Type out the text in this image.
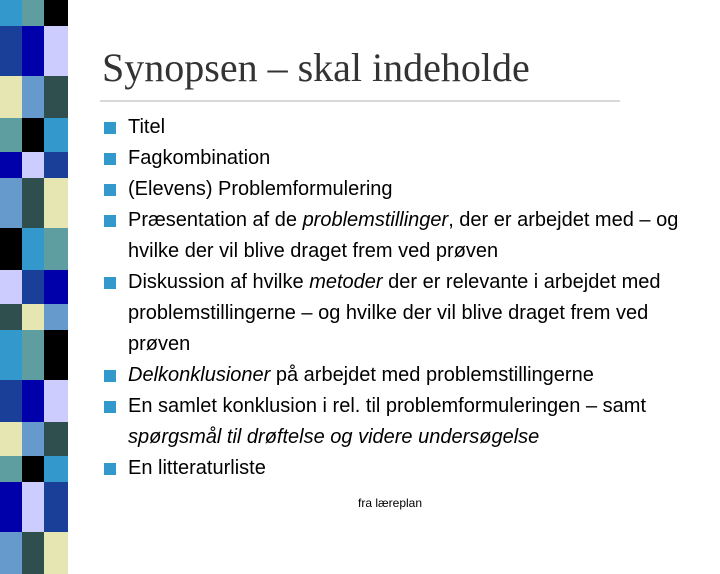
Synopsen – skal indeholde
Titel
Fagkombination
(Elevens) Problemformulering
Præsentation af de problemstillinger, der er arbejdet med – og hvilke der vil blive draget frem ved prøven
Diskussion af hvilke metoder der er relevante i arbejdet med problemstillingerne – og hvilke der vil blive draget frem ved prøven
Delkonklusioner på arbejdet med problemstillingerne
En samlet konklusion i rel. til problemformuleringen – samt spørgsmål til drøftelse og videre undersøgelse
En litteraturliste
fra læreplan
